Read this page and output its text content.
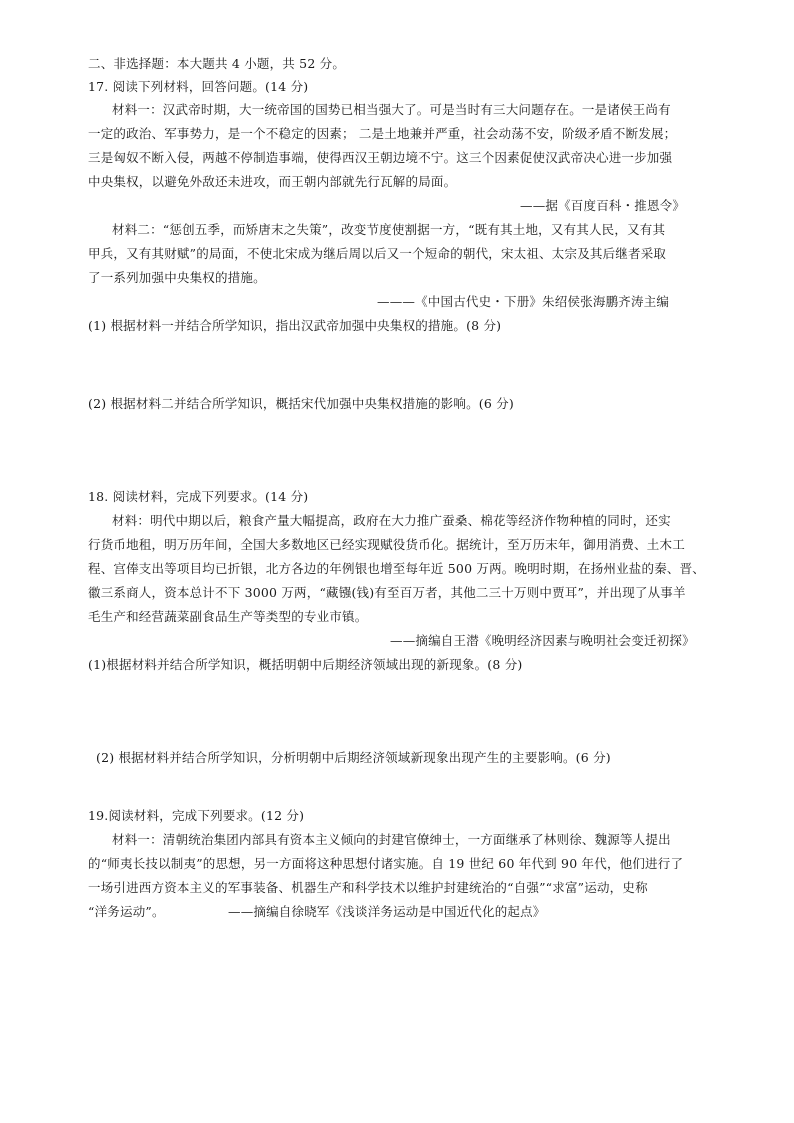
二、非选择题：本大题共 4 小题，共 52 分。
17. 阅读下列材料，回答问题。(14 分)
材料一：汉武帝时期，大一统帝国的国势已相当强大了。可是当时有三大问题存在。一是诸侯王尚有
一定的政治、军事势力，是一个不稳定的因素； 二是土地兼并严重，社会动荡不安，阶级矛盾不断发展；
三是匈奴不断入侵，两越不停制造事端，使得西汉王朝边境不宁。这三个因素促使汉武帝决心进一步加强
中央集权，以避免外敌还未进攻，而王朝内部就先行瓦解的局面。
——据《百度百科・推恩令》
材料二：“惩创五季，而矫唐末之失策”，改变节度使割据一方，“既有其土地，又有其人民，又有其
甲兵，又有其财赋”的局面，不使北宋成为继后周以后又一个短命的朝代，宋太祖、太宗及其后继者采取
了一系列加强中央集权的措施。
———《中国古代史・下册》朱绍侯张海鹏齐涛主编
(1) 根据材料一并结合所学知识，指出汉武帝加强中央集权的措施。(8 分)
(2) 根据材料二并结合所学知识，概括宋代加强中央集权措施的影响。(6 分)
18. 阅读材料，完成下列要求。(14 分)
材料：明代中期以后，粮食产量大幅提高，政府在大力推广蚕桑、棉花等经济作物种植的同时，还实
行货币地租，明万历年间，全国大多数地区已经实现赋役货币化。据统计，至万历末年，御用消费、土木工
程、宫俸支出等项目均已折银，北方各边的年例银也增至每年近 500 万两。晚明时期，在扬州业盐的秦、晋、
徽三系商人，资本总计不下 3000 万两，“藏镪(钱)有至百万者，其他二三十万则中贾耳”，并出现了从事羊
毛生产和经营蔬菜副食品生产等类型的专业市镇。
——摘编自王潜《晚明经济因素与晚明社会变迁初探》
(1)根据材料并结合所学知识，概括明朝中后期经济领域出现的新现象。(8 分)
(2) 根据材料并结合所学知识，分析明朝中后期经济领域新现象出现产生的主要影响。(6 分)
19.阅读材料，完成下列要求。(12 分)
材料一：清朝统治集团内部具有资本主义倾向的封建官僚绅士，一方面继承了林则徐、魏源等人提出
的“师夷长技以制夷”的思想，另一方面将这种思想付诸实施。自 19 世纪 60 年代到 90 年代，他们进行了
一场引进西方资本主义的军事装备、机器生产和科学技术以维护封建统治的“自强”“求富”运动，史称
“洋务运动”。	——摘编自徐晓军《浅谈洋务运动是中国近代化的起点》
